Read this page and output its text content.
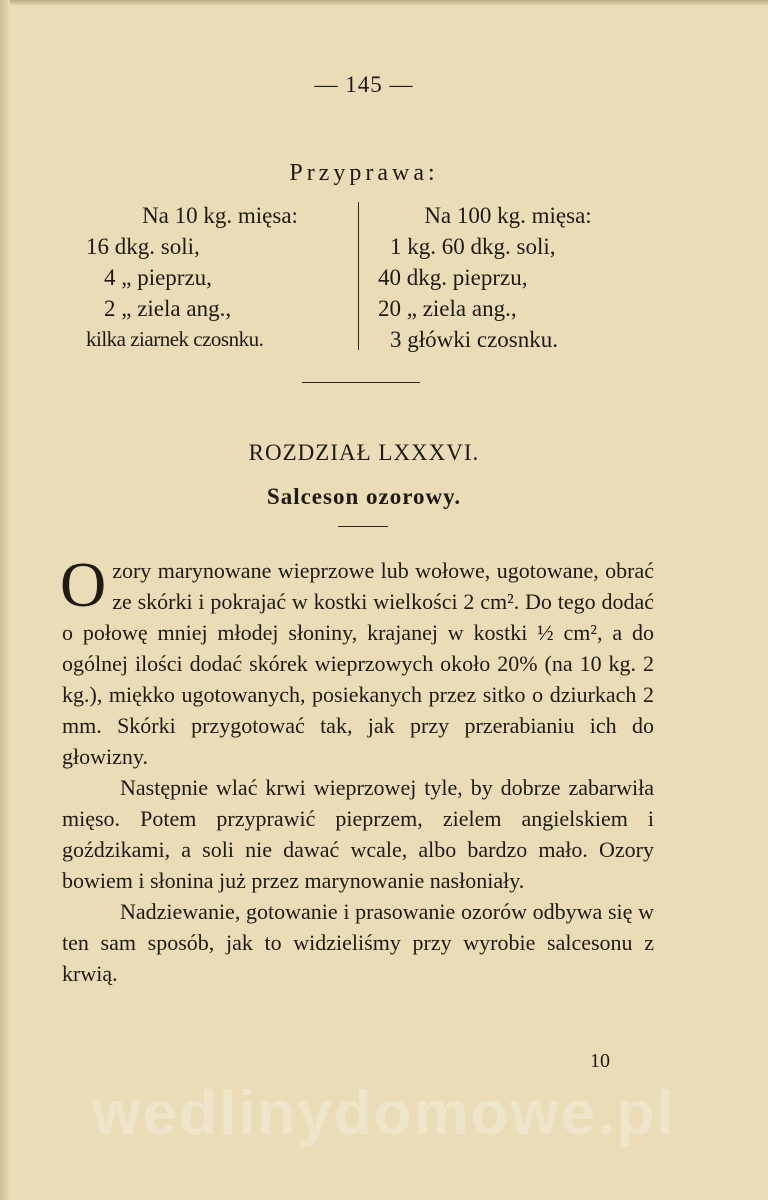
— 145 —
Przyprawa:
Na 10 kg. mięsa:
16 dkg. soli,
4 „ pieprzu,
2 „ ziela ang.,
kilka ziarnek czosnku.
Na 100 kg. mięsa:
1 kg. 60 dkg. soli,
40 dkg. pieprzu,
20 „ ziela ang.,
3 główki czosnku.
ROZDZIAŁ LXXXVI.
Salceson ozorowy.

Ozory marynowane wieprzowe lub wołowe, ugotowane, obrać ze skórki i pokrajać w kostki wielkości 2 cm². Do tego dodać o połowę mniej młodej słoniny, krajanej w kostki ½ cm², a do ogólnej ilości dodać skórek wieprzowych około 20% (na 10 kg. 2 kg.), miękko ugotowanych, posiekanych przez sitko o dziurkach 2 mm. Skórki przygotować tak, jak przy przerabianiu ich do głowizny.

Następnie wlać krwi wieprzowej tyle, by dobrze zabarwiła mięso. Potem przyprawić pieprzem, zielem angielskiem i goździkami, a soli nie dawać wcale, albo bardzo mało. Ozory bowiem i słonina już przez marynowanie nasłoniały.

Nadziewanie, gotowanie i prasowanie ozorów odbywa się w ten sam sposób, jak to widzieliśmy przy wyrobie salcesonu z krwią.

10
wedlinydomowe.pl
